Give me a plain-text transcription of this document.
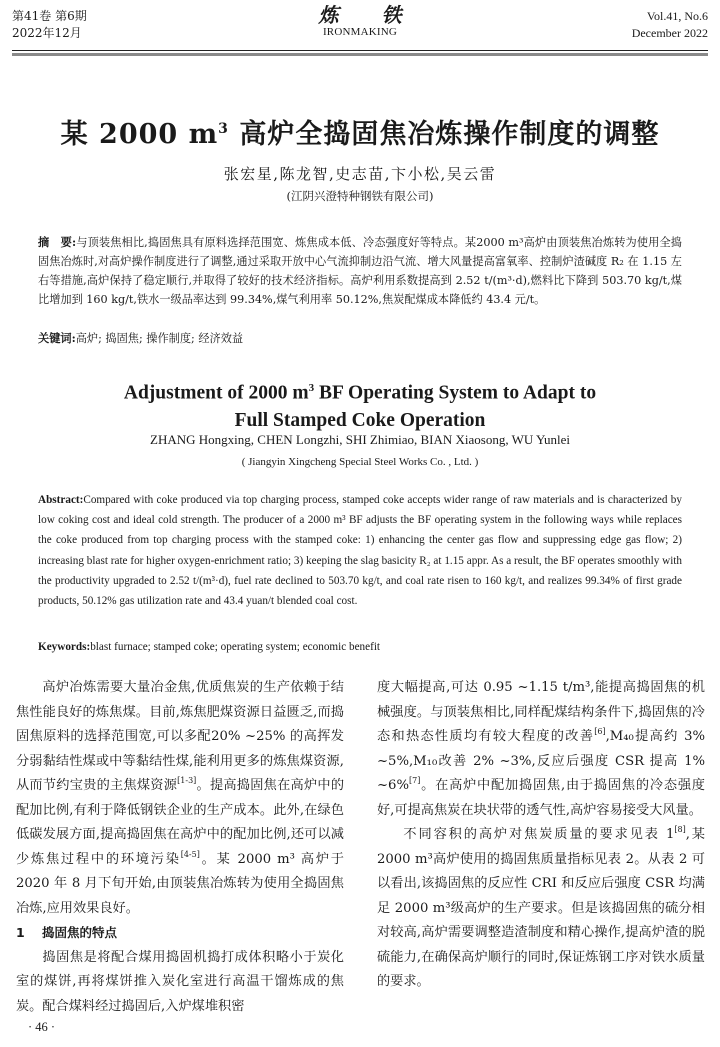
第41卷 第6期
2022年12月
炼 铁
IRONMAKING
Vol.41, No.6
December 2022
某 2000 $m^3$ 高炉全捣固焦冶炼操作制度的调整
张宏星,陈龙智,史志苗,卞小松,吴云雷
(江阴兴澄特种钢铁有限公司)
摘　要:与顶装焦相比,捣固焦具有原料选择范围宽、炼焦成本低、冷态强度好等特点。某2000 m³高炉由顶装焦冶炼转为使用全捣固焦冶炼时,对高炉操作制度进行了调整,通过采取开放中心气流抑制边沿气流、增大风量提高富氧率、控制炉渣碱度 R₂ 在 1.15 左右等措施,高炉保持了稳定顺行,并取得了较好的技术经济指标。高炉利用系数提高到 2.52 t/(m³·d),燃料比下降到 503.70 kg/t,煤比增加到 160 kg/t,铁水一级品率达到 99.34%,煤气利用率 50.12%,焦炭配煤成本降低约 43.4 元/t。
关键词:高炉; 捣固焦; 操作制度; 经济效益
Adjustment of 2000 $m^3$ BF Operating System to Adapt to
Full Stamped Coke Operation
ZHANG Hongxing, CHEN Longzhi, SHI Zhimiao, BIAN Xiaosong, WU Yunlei
( Jiangyin Xingcheng Special Steel Works Co. , Ltd. )
Abstract:Compared with coke produced via top charging process, stamped coke accepts wider range of raw materials and is characterized by low coking cost and ideal cold strength. The producer of a 2000 m³ BF adjusts the BF operating system in the following ways while replaces the coke produced from top charging process with the stamped coke: 1) enhancing the center gas flow and suppressing edge gas flow; 2) increasing blast rate for higher oxygen-enrichment ratio; 3) keeping the slag basicity R₂ at 1.15 appr. As a result, the BF operates smoothly with the productivity upgraded to 2.52 t/(m³·d), fuel rate declined to 503.70 kg/t, and coal rate risen to 160 kg/t, and realizes 99.34% of first grade products, 50.12% gas utilization rate and 43.4 yuan/t blended coal cost.
Keywords:blast furnace; stamped coke; operating system; economic benefit

高炉冶炼需要大量冶金焦,优质焦炭的生产依赖于结焦性能良好的炼焦煤。目前,炼焦肥煤资源日益匮乏,而捣固焦原料的选择范围宽,可以多配20% ~25% 的高挥发分弱黏结性煤或中等黏结性煤,能利用更多的炼焦煤资源,从而节约宝贵的主焦煤资源[1-3]。提高捣固焦在高炉中的配加比例,有利于降低钢铁企业的生产成本。此外,在绿色低碳发展方面,提高捣固焦在高炉中的配加比例,还可以减少炼焦过程中的环境污染[4-5]。某 2000 m³ 高炉于 2020 年 8 月下旬开始,由顶装焦冶炼转为使用全捣固焦冶炼,应用效果良好。

1 捣固焦的特点

捣固焦是将配合煤用捣固机捣打成体积略小于炭化室的煤饼,再将煤饼推入炭化室进行高温干馏炼成的焦炭。配合煤料经过捣固后,入炉煤堆积密

度大幅提高,可达 0.95 ~1.15 t/m³,能提高捣固焦的机械强度。与顶装焦相比,同样配煤结构条件下,捣固焦的冷态和热态性质均有较大程度的改善[6],M₄₀提高约 3% ~5%,M₁₀改善 2% ~3%,反应后强度 CSR 提高 1% ~6%[7]。在高炉中配加捣固焦,由于捣固焦的冷态强度好,可提高焦炭在块状带的透气性,高炉容易接受大风量。

不同容积的高炉对焦炭质量的要求见表 1[8],某 2000 m³高炉使用的捣固焦质量指标见表 2。从表 2 可以看出,该捣固焦的反应性 CRI 和反应后强度 CSR 均满足 2000 m³级高炉的生产要求。但是该捣固焦的硫分相对较高,高炉需要调整造渣制度和精心操作,提高炉渣的脱硫能力,在确保高炉顺行的同时,保证炼钢工序对铁水质量的要求。

· 46 ·
